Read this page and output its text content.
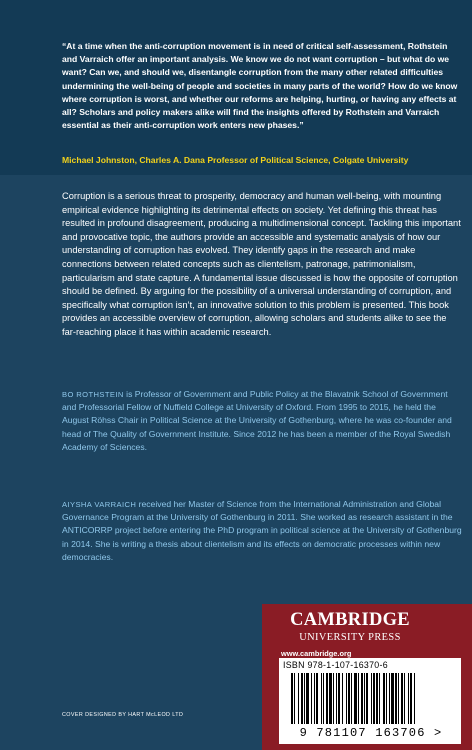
“At a time when the anti-corruption movement is in need of critical self-assessment, Rothstein and Varraich offer an important analysis. We know we do not want corruption – but what do we want? Can we, and should we, disentangle corruption from the many other related difficulties undermining the well-being of people and societies in many parts of the world? How do we know where corruption is worst, and whether our reforms are helping, hurting, or having any effects at all? Scholars and policy makers alike will find the insights offered by Rothstein and Varraich essential as their anti-corruption work enters new phases.”

Michael Johnston, Charles A. Dana Professor of Political Science, Colgate University

Corruption is a serious threat to prosperity, democracy and human well-being, with mounting empirical evidence highlighting its detrimental effects on society. Yet defining this threat has resulted in profound disagreement, producing a multidimensional concept. Tackling this important and provocative topic, the authors provide an accessible and systematic analysis of how our understanding of corruption has evolved. They identify gaps in the research and make connections between related concepts such as clientelism, patronage, patrimonialism, particularism and state capture. A fundamental issue discussed is how the opposite of corruption should be defined. By arguing for the possibility of a universal understanding of corruption, and specifically what corruption isn’t, an innovative solution to this problem is presented. This book provides an accessible overview of corruption, allowing scholars and students alike to see the far-reaching place it has within academic research.

BO ROTHSTEIN is Professor of Government and Public Policy at the Blavatnik School of Government and Professorial Fellow of Nuffield College at University of Oxford. From 1995 to 2015, he held the August Röhss Chair in Political Science at the University of Gothenburg, where he was co-founder and head of The Quality of Government Institute. Since 2012 he has been a member of the Royal Swedish Academy of Sciences.

AIYSHA VARRAICH received her Master of Science from the International Administration and Global Governance Program at the University of Gothenburg in 2011. She worked as research assistant in the ANTICORRP project before entering the PhD program in political science at the University of Gothenburg in 2014. She is writing a thesis about clientelism and its effects on democratic processes within new democracies.

COVER DESIGNED BY HART McLEOD LTD
CAMBRIDGE
UNIVERSITY PRESS
www.cambridge.org
ISBN 978-1-107-16370-6
9 781107 163706 >
